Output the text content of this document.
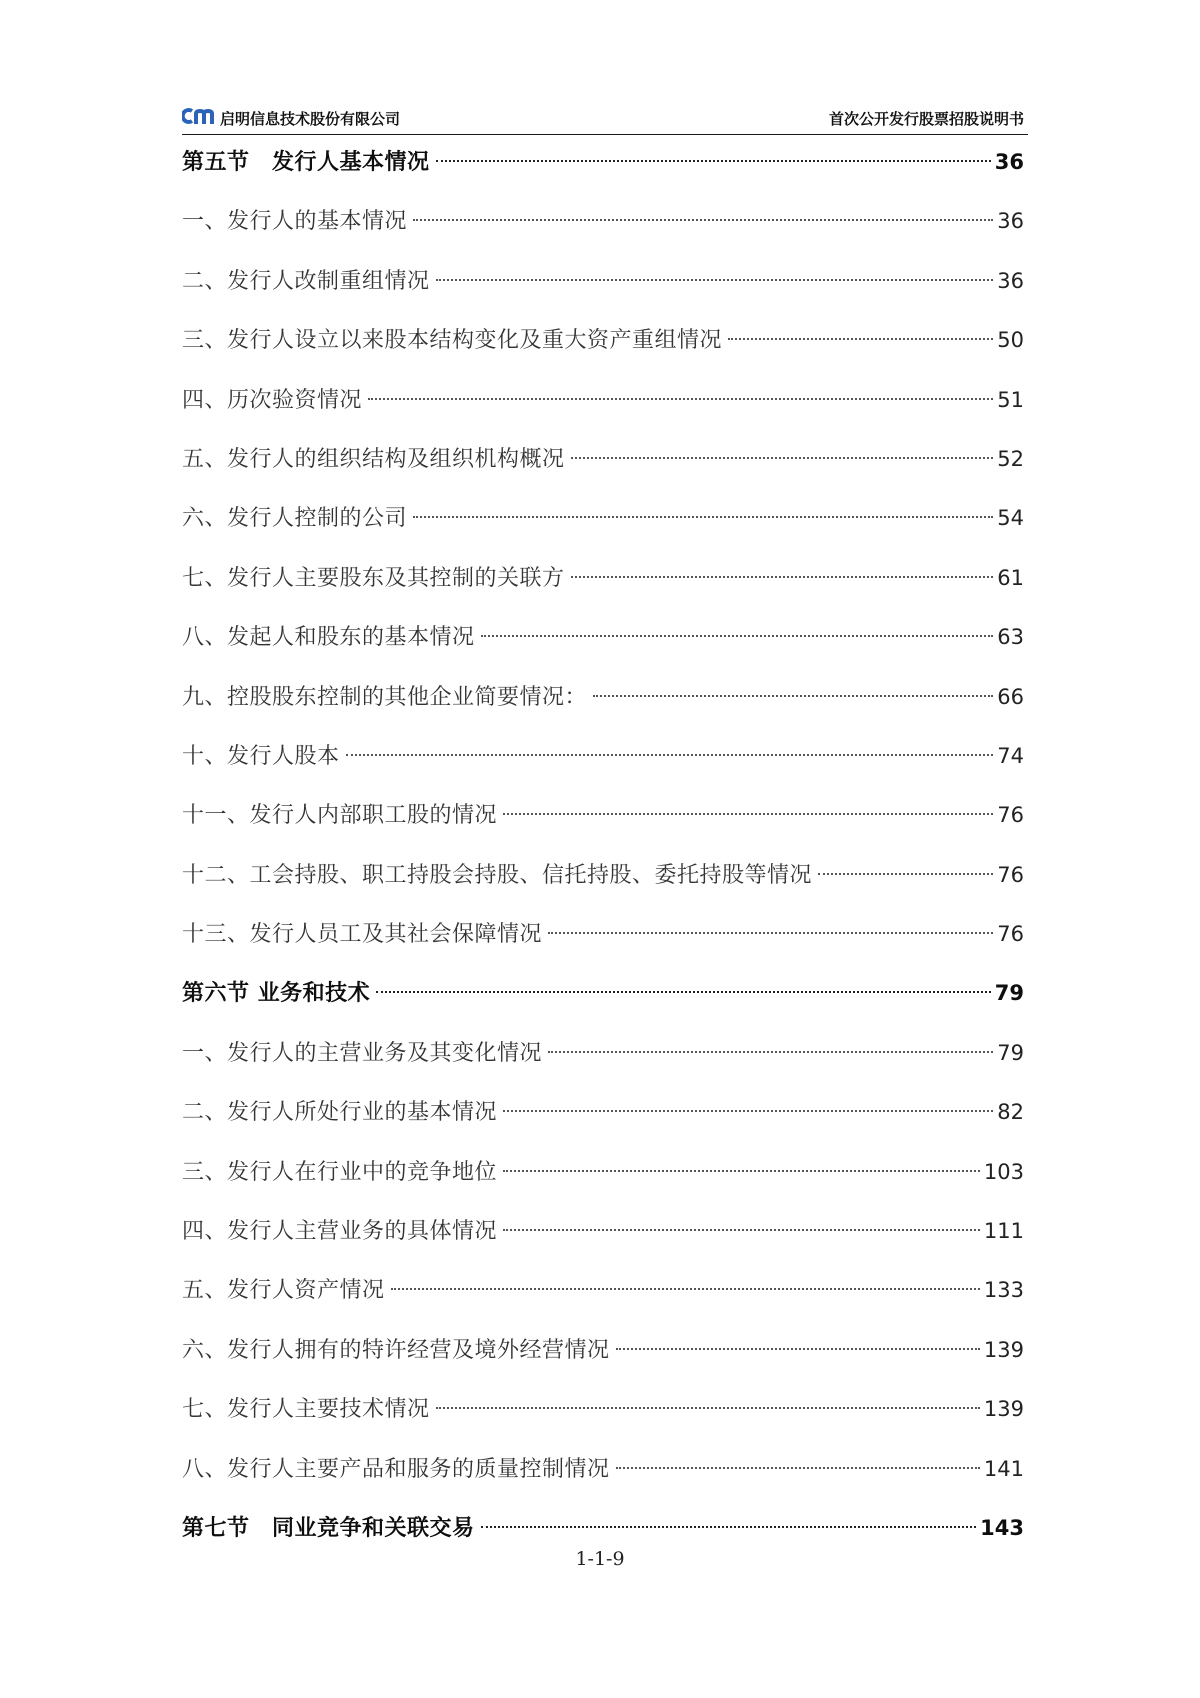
启明信息技术股份有限公司	首次公开发行股票招股说明书
第五节　发行人基本情况	36
一、发行人的基本情况	36
二、发行人改制重组情况	36
三、发行人设立以来股本结构变化及重大资产重组情况	50
四、历次验资情况	51
五、发行人的组织结构及组织机构概况	52
六、发行人控制的公司	54
七、发行人主要股东及其控制的关联方	61
八、发起人和股东的基本情况	63
九、控股股东控制的其他企业简要情况：	66
十、发行人股本	74
十一、发行人内部职工股的情况	76
十二、工会持股、职工持股会持股、信托持股、委托持股等情况	76
十三、发行人员工及其社会保障情况	76
第六节 业务和技术	79
一、发行人的主营业务及其变化情况	79
二、发行人所处行业的基本情况	82
三、发行人在行业中的竞争地位	103
四、发行人主营业务的具体情况	111
五、发行人资产情况	133
六、发行人拥有的特许经营及境外经营情况	139
七、发行人主要技术情况	139
八、发行人主要产品和服务的质量控制情况	141
第七节　同业竞争和关联交易	143
1-1-9
